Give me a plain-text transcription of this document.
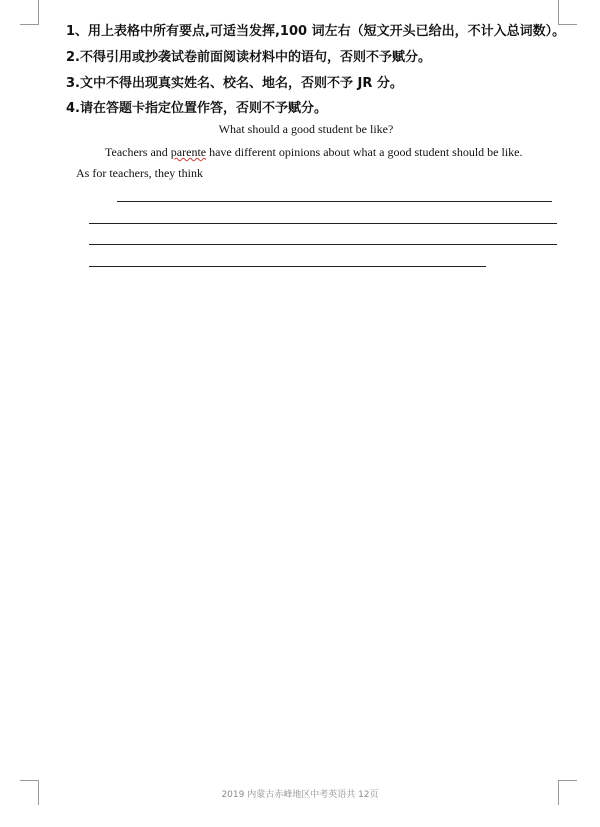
1、用上表格中所有要点,可适当发挥,100 词左右（短文开头已给出，不计入总词数）。
2.不得引用或抄袭试卷前面阅读材料中的语句，否则不予赋分。
3.文中不得出现真实姓名、校名、地名，否则不予 JR 分。
4.请在答题卡指定位置作答，否则不予赋分。
What should a good student be like?
Teachers and parente have different opinions about what a good student should be like.
As for teachers, they think
2019 内蒙古赤峰地区中考英语共 12页
